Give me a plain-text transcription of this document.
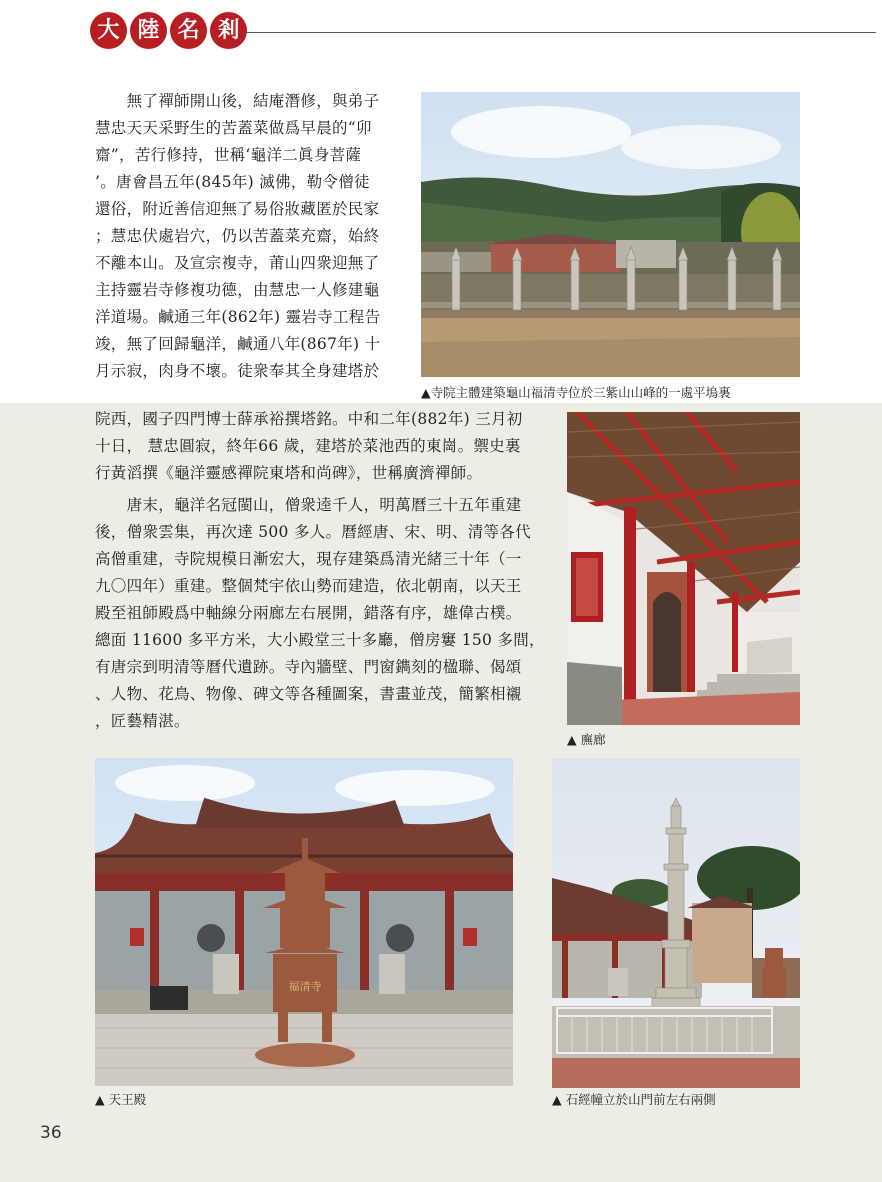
大 陸 名 剎
　　無了禪師開山後，結庵潛修，與弟子
慧忠天天采野生的苦蓋菜做爲早晨的“卯
齋”，苦行修持，世稱‘龜洋二眞身菩薩
’。唐會昌五年(845年) 滅佛，勒令僧徒
還俗，附近善信迎無了易俗妝藏匿於民家
；慧忠伏處岩穴，仍以苦蓋菜充齋，始終
不離本山。及宣宗複寺，莆山四衆迎無了
主持靈岩寺修複功德，由慧忠一人修建龜
洋道場。鹹通三年(862年) 靈岩寺工程告
竣，無了回歸龜洋，鹹通八年(867年) 十
月示寂，肉身不壞。徒衆奉其全身建塔於
院西，國子四門博士薛承裕撰塔銘。中和二年(882年) 三月初
十日， 慧忠圓寂，終年66 歲，建塔於菜池西的東崗。禦史裏
行黃滔撰《龜洋靈感禪院東塔和尚碑》，世稱廣濟禪師。
　　唐末，龜洋名冠閩山，僧衆逵千人，明萬曆三十五年重建
後，僧衆雲集，再次達 500 多人。曆經唐、宋、明、清等各代
高僧重建，寺院規模日漸宏大，現存建築爲清光緒三十年（一
九〇四年）重建。整個梵宇依山勢而建造，依北朝南，以天王
殿至祖師殿爲中軸線分兩廊左右展開，錯落有序，雄偉古樸。
總面 11600 多平方米，大小殿堂三十多廳，僧房窶 150 多間，
有唐宗到明清等曆代遺跡。寺內牆壁、門窗鐫刻的楹聯、偈頌
、人物、花鳥、物像、碑文等各種圖案，書畫並茂，簡繁相襯
，匠藝精湛。
▲寺院主體建築龜山福清寺位於三紫山山峰的一處平塢裏
▲ 廡廊
福清寺
▲ 天王殿	▲ 石經幢立於山門前左右兩側
36
